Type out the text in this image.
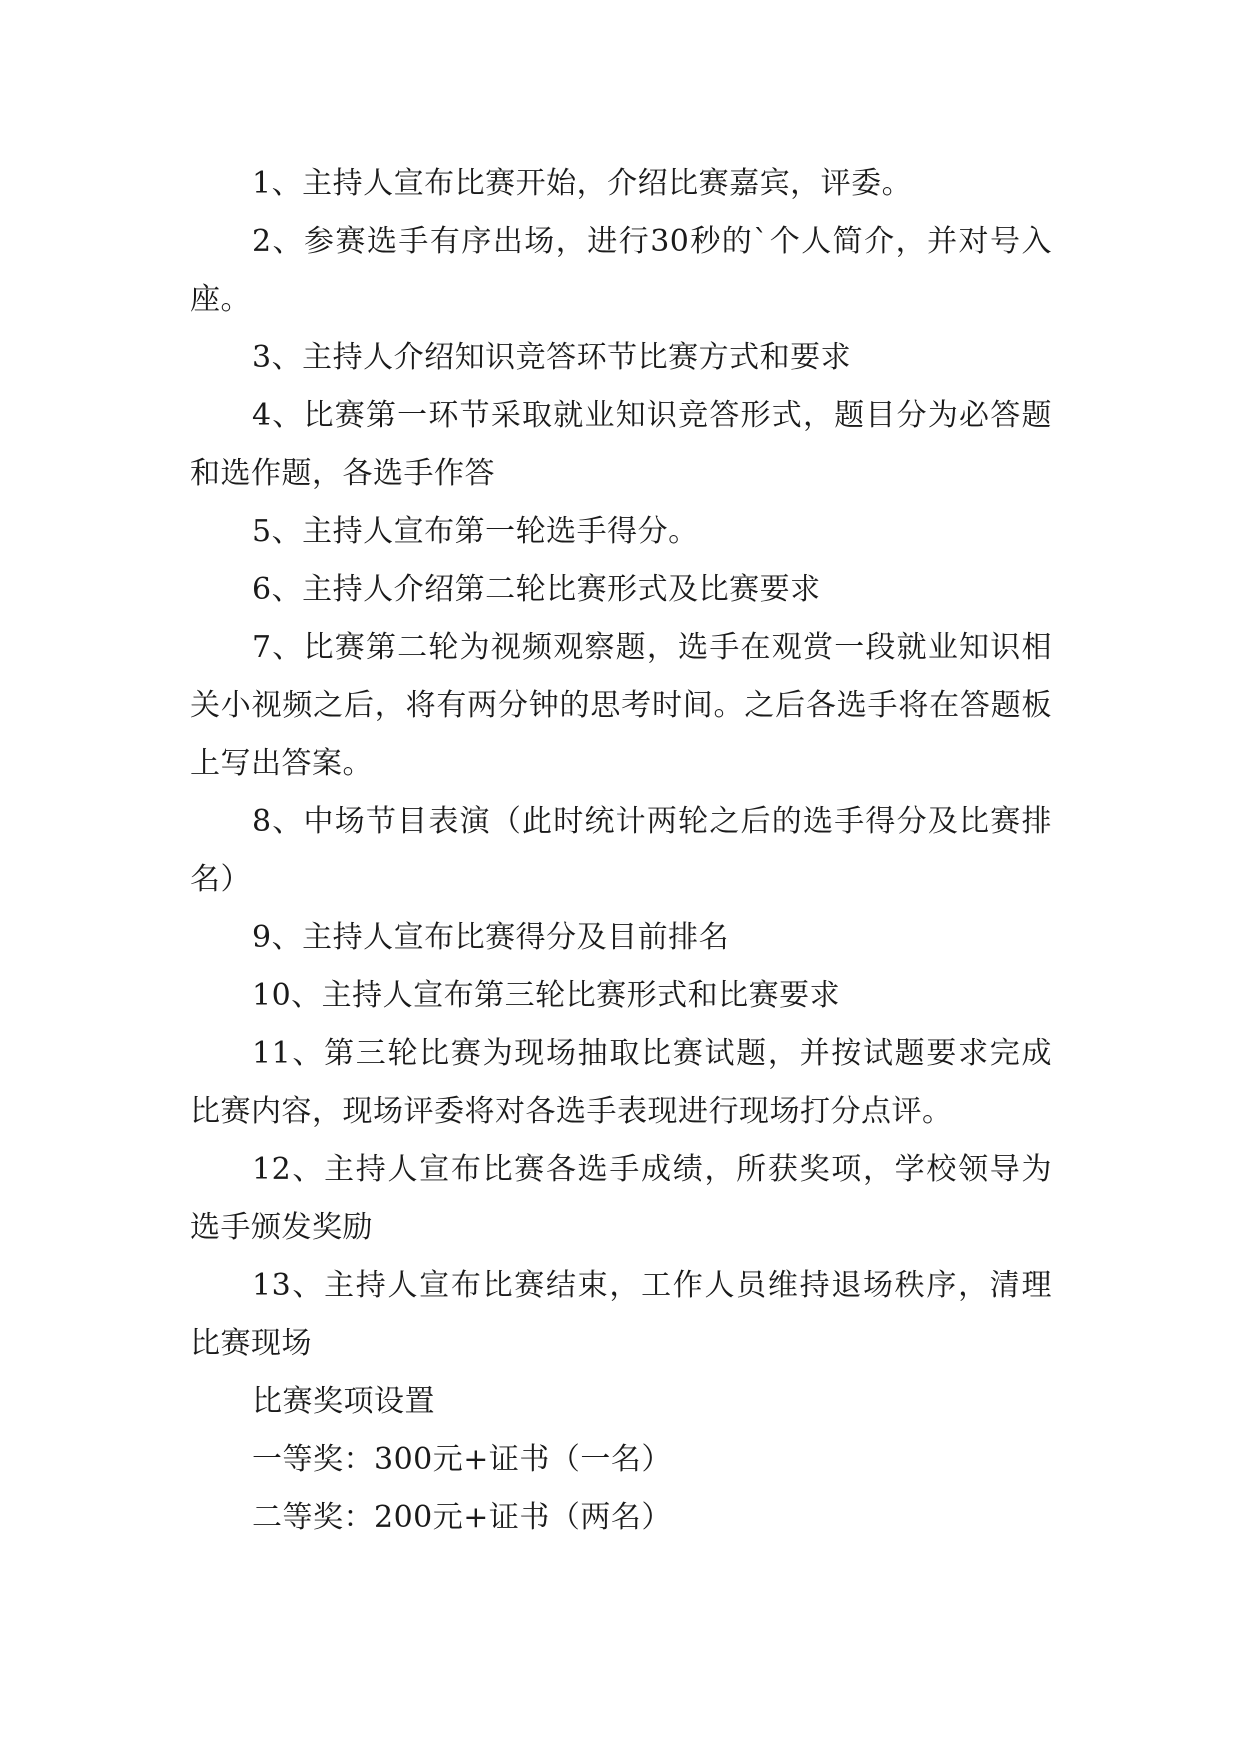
1、主持人宣布比赛开始，介绍比赛嘉宾，评委。

2、参赛选手有序出场，进行30秒的`个人简介，并对号入座。

3、主持人介绍知识竞答环节比赛方式和要求

4、比赛第一环节采取就业知识竞答形式，题目分为必答题和选作题，各选手作答

5、主持人宣布第一轮选手得分。

6、主持人介绍第二轮比赛形式及比赛要求

7、比赛第二轮为视频观察题，选手在观赏一段就业知识相关小视频之后，将有两分钟的思考时间。之后各选手将在答题板上写出答案。

8、中场节目表演（此时统计两轮之后的选手得分及比赛排名）

9、主持人宣布比赛得分及目前排名

10、主持人宣布第三轮比赛形式和比赛要求

11、第三轮比赛为现场抽取比赛试题，并按试题要求完成比赛内容，现场评委将对各选手表现进行现场打分点评。

12、主持人宣布比赛各选手成绩，所获奖项，学校领导为选手颁发奖励

13、主持人宣布比赛结束，工作人员维持退场秩序，清理比赛现场

比赛奖项设置

一等奖：300元+证书（一名）

二等奖：200元+证书（两名）
